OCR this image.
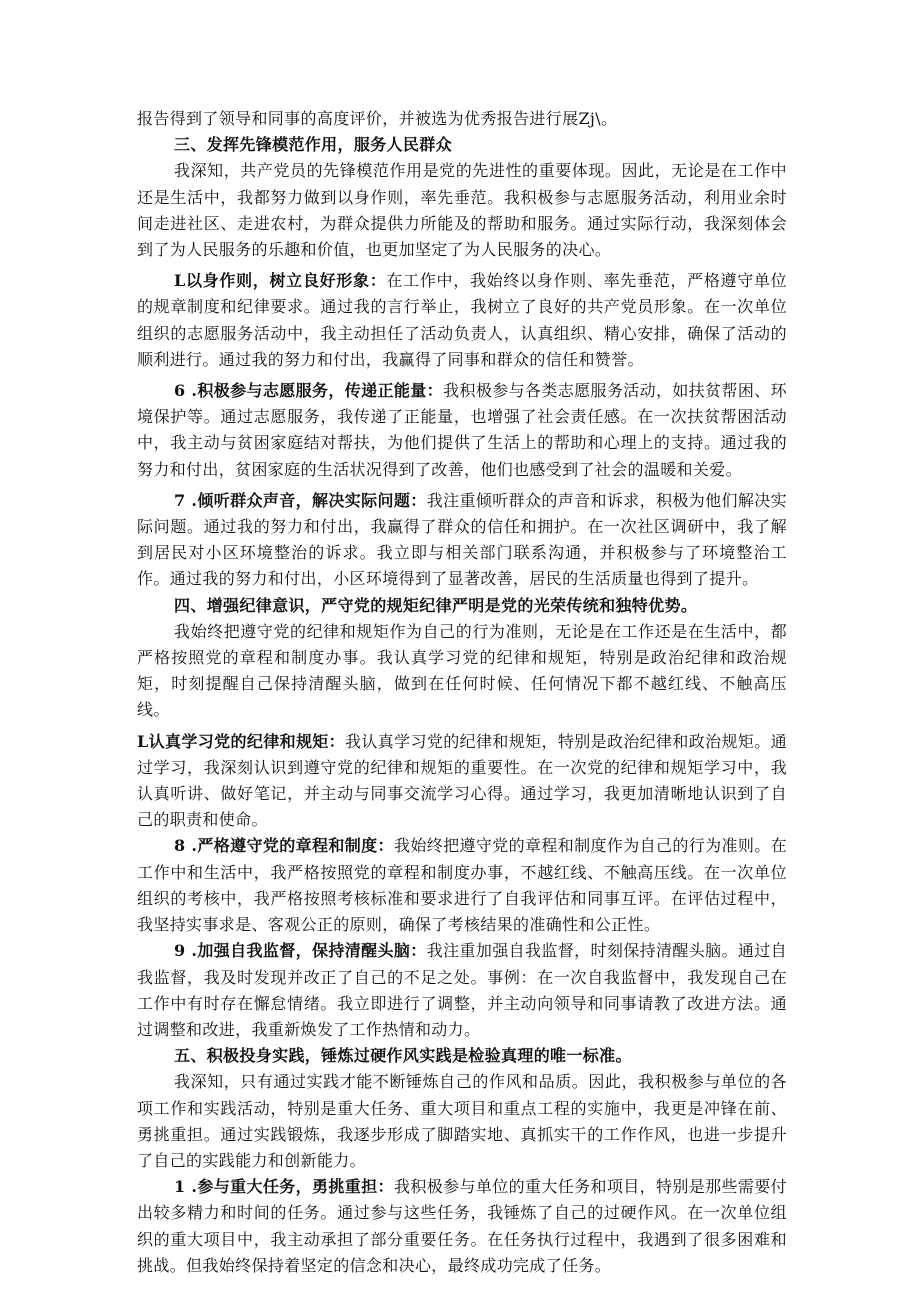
报告得到了领导和同事的高度评价，并被选为优秀报告进行展Zj\。

三、发挥先锋模范作用，服务人民群众

我深知，共产党员的先锋模范作用是党的先进性的重要体现。因此，无论是在工作中还是生活中，我都努力做到以身作则，率先垂范。我积极参与志愿服务活动，利用业余时间走进社区、走进农村，为群众提供力所能及的帮助和服务。通过实际行动，我深刻体会到了为人民服务的乐趣和价值，也更加坚定了为人民服务的决心。

L以身作则，树立良好形象：在工作中，我始终以身作则、率先垂范，严格遵守单位的规章制度和纪律要求。通过我的言行举止，我树立了良好的共产党员形象。在一次单位组织的志愿服务活动中，我主动担任了活动负责人，认真组织、精心安排，确保了活动的顺利进行。通过我的努力和付出，我赢得了同事和群众的信任和赞誉。

6 .积极参与志愿服务，传递正能量：我积极参与各类志愿服务活动，如扶贫帮困、环境保护等。通过志愿服务，我传递了正能量，也增强了社会责任感。在一次扶贫帮困活动中，我主动与贫困家庭结对帮扶，为他们提供了生活上的帮助和心理上的支持。通过我的努力和付出，贫困家庭的生活状况得到了改善，他们也感受到了社会的温暖和关爱。

7 .倾听群众声音，解决实际问题：我注重倾听群众的声音和诉求，积极为他们解决实际问题。通过我的努力和付出，我赢得了群众的信任和拥护。在一次社区调研中，我了解到居民对小区环境整治的诉求。我立即与相关部门联系沟通，并积极参与了环境整治工作。通过我的努力和付出，小区环境得到了显著改善，居民的生活质量也得到了提升。

四、增强纪律意识，严守党的规矩纪律严明是党的光荣传统和独特优势。

我始终把遵守党的纪律和规矩作为自己的行为准则，无论是在工作还是在生活中，都严格按照党的章程和制度办事。我认真学习党的纪律和规矩，特别是政治纪律和政治规矩，时刻提醒自己保持清醒头脑，做到在任何时候、任何情况下都不越红线、不触高压线。

L认真学习党的纪律和规矩：我认真学习党的纪律和规矩，特别是政治纪律和政治规矩。通过学习，我深刻认识到遵守党的纪律和规矩的重要性。在一次党的纪律和规矩学习中，我认真听讲、做好笔记，并主动与同事交流学习心得。通过学习，我更加清晰地认识到了自己的职责和使命。

8 .严格遵守党的章程和制度：我始终把遵守党的章程和制度作为自己的行为准则。在工作中和生活中，我严格按照党的章程和制度办事，不越红线、不触高压线。在一次单位组织的考核中，我严格按照考核标准和要求进行了自我评估和同事互评。在评估过程中，我坚持实事求是、客观公正的原则，确保了考核结果的准确性和公正性。

9 .加强自我监督，保持清醒头脑：我注重加强自我监督，时刻保持清醒头脑。通过自我监督，我及时发现并改正了自己的不足之处。事例：在一次自我监督中，我发现自己在工作中有时存在懈怠情绪。我立即进行了调整，并主动向领导和同事请教了改进方法。通过调整和改进，我重新焕发了工作热情和动力。

五、积极投身实践，锤炼过硬作风实践是检验真理的唯一标准。

我深知，只有通过实践才能不断锤炼自己的作风和品质。因此，我积极参与单位的各项工作和实践活动，特别是重大任务、重大项目和重点工程的实施中，我更是冲锋在前、勇挑重担。通过实践锻炼，我逐步形成了脚踏实地、真抓实干的工作作风，也进一步提升了自己的实践能力和创新能力。

1 .参与重大任务，勇挑重担：我积极参与单位的重大任务和项目，特别是那些需要付出较多精力和时间的任务。通过参与这些任务，我锤炼了自己的过硬作风。在一次单位组织的重大项目中，我主动承担了部分重要任务。在任务执行过程中，我遇到了很多困难和挑战。但我始终保持着坚定的信念和决心，最终成功完成了任务。
